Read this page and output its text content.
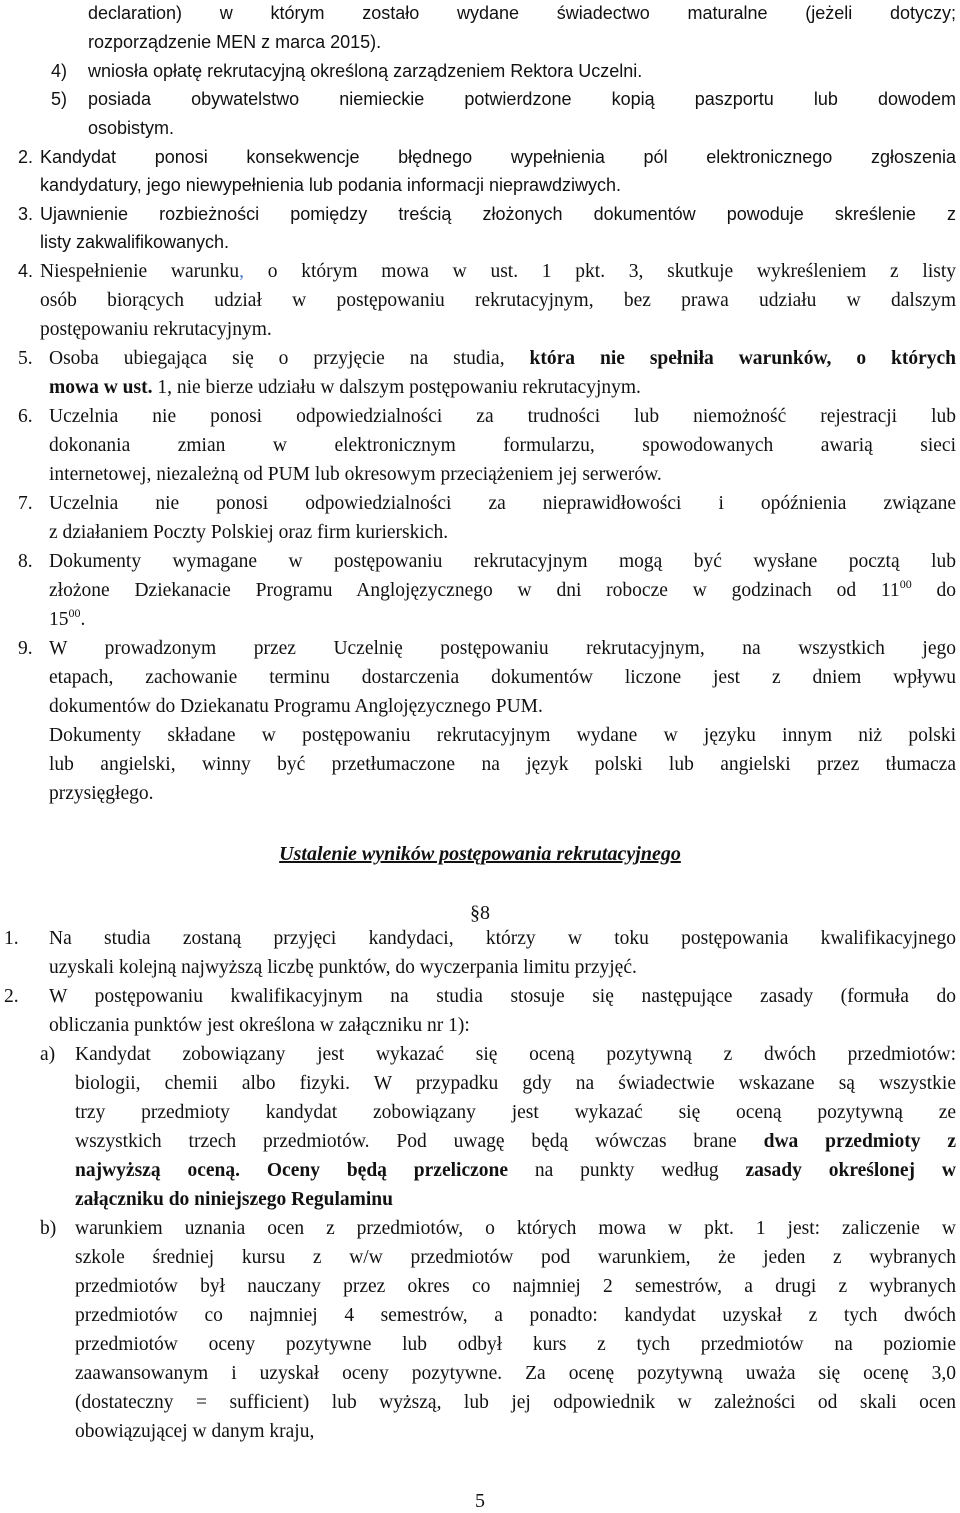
declaration) w którym zostało wydane świadectwo maturalne (jeżeli dotyczy;
rozporządzenie MEN z marca 2015).
4) wniosła opłatę rekrutacyjną określoną zarządzeniem Rektora Uczelni.
5) posiada obywatelstwo niemieckie potwierdzone kopią paszportu lub dowodem
osobistym.
2. Kandydat ponosi konsekwencje błędnego wypełnienia pól elektronicznego zgłoszenia
kandydatury, jego niewypełnienia lub podania informacji nieprawdziwych.
3. Ujawnienie rozbieżności pomiędzy treścią złożonych dokumentów powoduje skreślenie z
listy zakwalifikowanych.
4. Niespełnienie warunku, o którym mowa w ust. 1 pkt. 3, skutkuje wykreśleniem z listy
osób biorących udział w postępowaniu rekrutacyjnym, bez prawa udziału w dalszym
postępowaniu rekrutacyjnym.
5. Osoba ubiegająca się o przyjęcie na studia, która nie spełniła warunków, o których
mowa w ust. 1, nie bierze udziału w dalszym postępowaniu rekrutacyjnym.
6. Uczelnia nie ponosi odpowiedzialności za trudności lub niemożność rejestracji lub
dokonania zmian w elektronicznym formularzu, spowodowanych awarią sieci
internetowej, niezależną od PUM lub okresowym przeciążeniem jej serwerów.
7. Uczelnia nie ponosi odpowiedzialności za nieprawidłowości i opóźnienia związane
z działaniem Poczty Polskiej oraz firm kurierskich.
8. Dokumenty wymagane w postępowaniu rekrutacyjnym mogą być wysłane pocztą lub
złożone Dziekanacie Programu Anglojęzycznego w dni robocze w godzinach od $11^{00}$ do
$15^{00}$.
9. W prowadzonym przez Uczelnię postępowaniu rekrutacyjnym, na wszystkich jego
etapach, zachowanie terminu dostarczenia dokumentów liczone jest z dniem wpływu
dokumentów do Dziekanatu Programu Anglojęzycznego PUM.
Dokumenty składane w postępowaniu rekrutacyjnym wydane w języku innym niż polski
lub angielski, winny być przetłumaczone na język polski lub angielski przez tłumacza
przysięgłego.
Ustalenie wyników postępowania rekrutacyjnego
§8
1. Na studia zostaną przyjęci kandydaci, którzy w toku postępowania kwalifikacyjnego
uzyskali kolejną najwyższą liczbę punktów, do wyczerpania limitu przyjęć.
2. W postępowaniu kwalifikacyjnym na studia stosuje się następujące zasady (formuła do
obliczania punktów jest określona w załączniku nr 1):
a) Kandydat zobowiązany jest wykazać się oceną pozytywną z dwóch przedmiotów:
biologii, chemii albo fizyki. W przypadku gdy na świadectwie wskazane są wszystkie
trzy przedmioty kandydat zobowiązany jest wykazać się oceną pozytywną ze
wszystkich trzech przedmiotów. Pod uwagę będą wówczas brane dwa przedmioty z
najwyższą oceną. Oceny będą przeliczone na punkty według zasady określonej w
załączniku do niniejszego Regulaminu
b) warunkiem uznania ocen z przedmiotów, o których mowa w pkt. 1 jest: zaliczenie w
szkole średniej kursu z w/w przedmiotów pod warunkiem, że jeden z wybranych
przedmiotów był nauczany przez okres co najmniej 2 semestrów, a drugi z wybranych
przedmiotów co najmniej 4 semestrów, a ponadto: kandydat uzyskał z tych dwóch
przedmiotów oceny pozytywne lub odbył kurs z tych przedmiotów na poziomie
zaawansowanym i uzyskał oceny pozytywne. Za ocenę pozytywną uważa się ocenę 3,0
(dostateczny = sufficient) lub wyższą, lub jej odpowiednik w zależności od skali ocen
obowiązującej w danym kraju,
5
